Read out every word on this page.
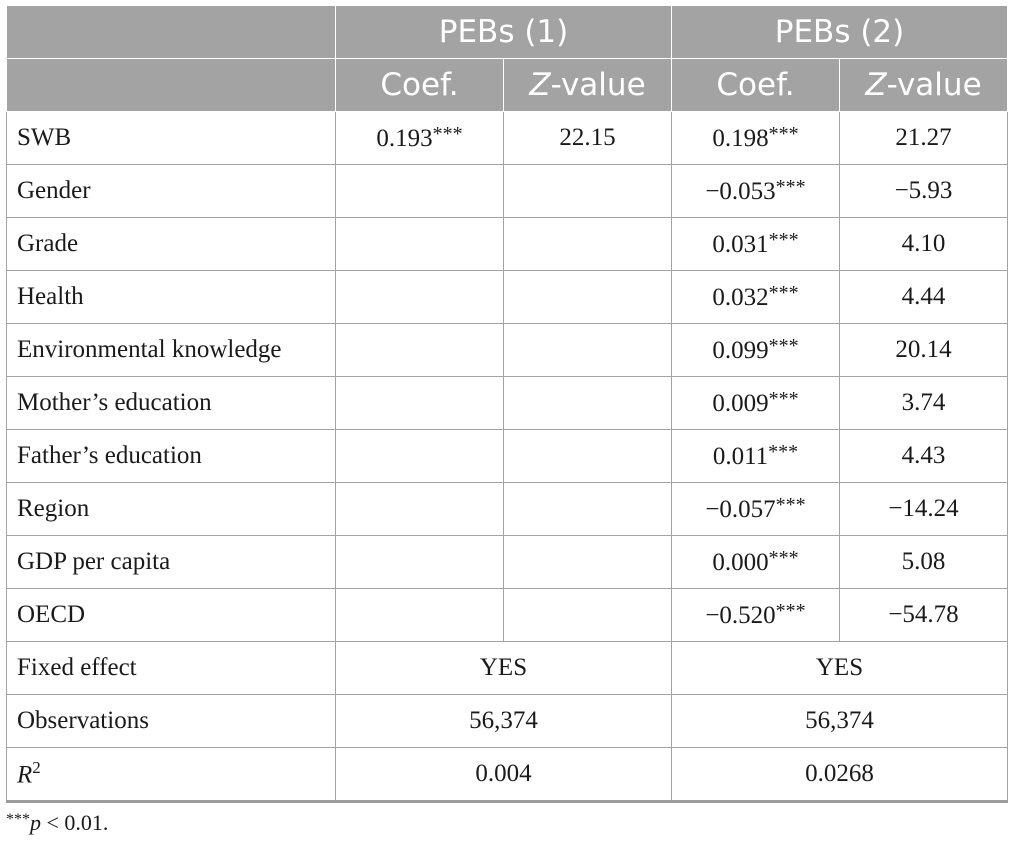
	PEBs (1)		PEBs (2)	
	Coef.	Z-value	Coef.	Z-value
SWB	0.193***	22.15	0.198***	21.27
Gender			−0.053***	−5.93
Grade			0.031***	4.10
Health			0.032***	4.44
Environmental knowledge			0.099***	20.14
Mother’s education			0.009***	3.74
Father’s education			0.011***	4.43
Region			−0.057***	−14.24
GDP per capita			0.000***	5.08
OECD			−0.520***	−54.78
Fixed effect	YES		YES	
Observations	56,374		56,374	
$R^2$	0.004		0.0268	
***p < 0.01.
